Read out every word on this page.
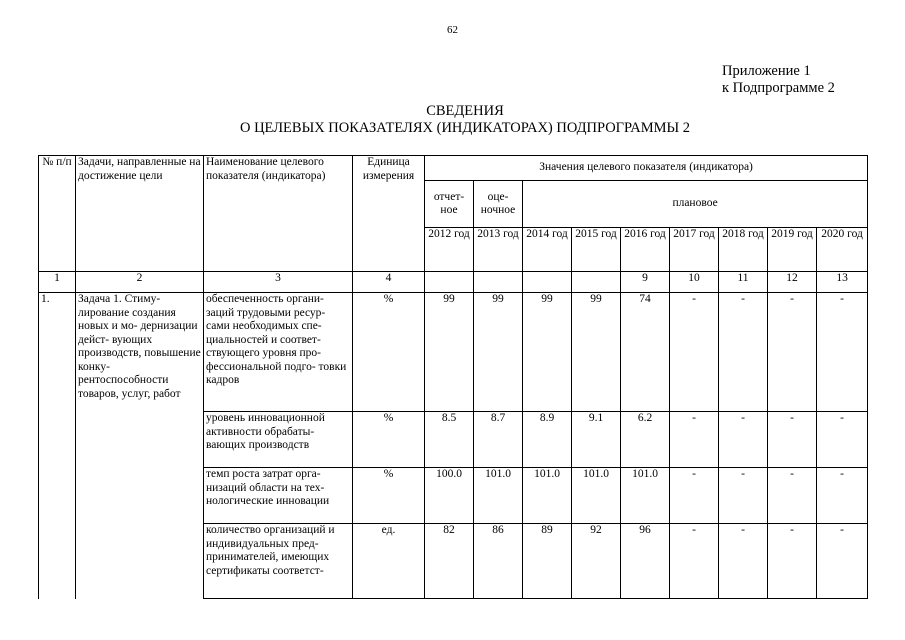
62
Приложение 1
к Подпрограмме 2
СВЕДЕНИЯ
О ЦЕЛЕВЫХ ПОКАЗАТЕЛЯХ (ИНДИКАТОРАХ) ПОДПРОГРАММЫ 2
№ п/п	Задачи, направленные на достижение цели	Наименование целевого показателя (индикатора)	Единица измерения	Значения целевого показателя (индикатора)								
				отчет- ное	оце- ночное	плановое						
				2012 год	2013 год	2014 год	2015 год	2016 год	2017 год	2018 год	2019 год	2020 год
1	2	3	4					9	10	11	12	13
1.	Задача 1. Стиму- лирование создания новых и мо- дернизации дейст- вующих производств, повышение конку- рентоспособности товаров, услуг, работ	обеспеченность органи- заций трудовыми ресур- сами необходимых спе- циальностей и соответ- ствующего уровня про- фессиональной подго- товки кадров	%	99	99	99	99	74	-	-	-	-
		уровень инновационной активности обрабаты- вающих производств	%	8.5	8.7	8.9	9.1	6.2	-	-	-	-
		темп роста затрат орга- низаций области на тех- нологические инновации	%	100.0	101.0	101.0	101.0	101.0	-	-	-	-
		количество организаций и индивидуальных пред- принимателей, имеющих сертификаты соответст-	ед.	82	86	89	92	96	-	-	-	-
